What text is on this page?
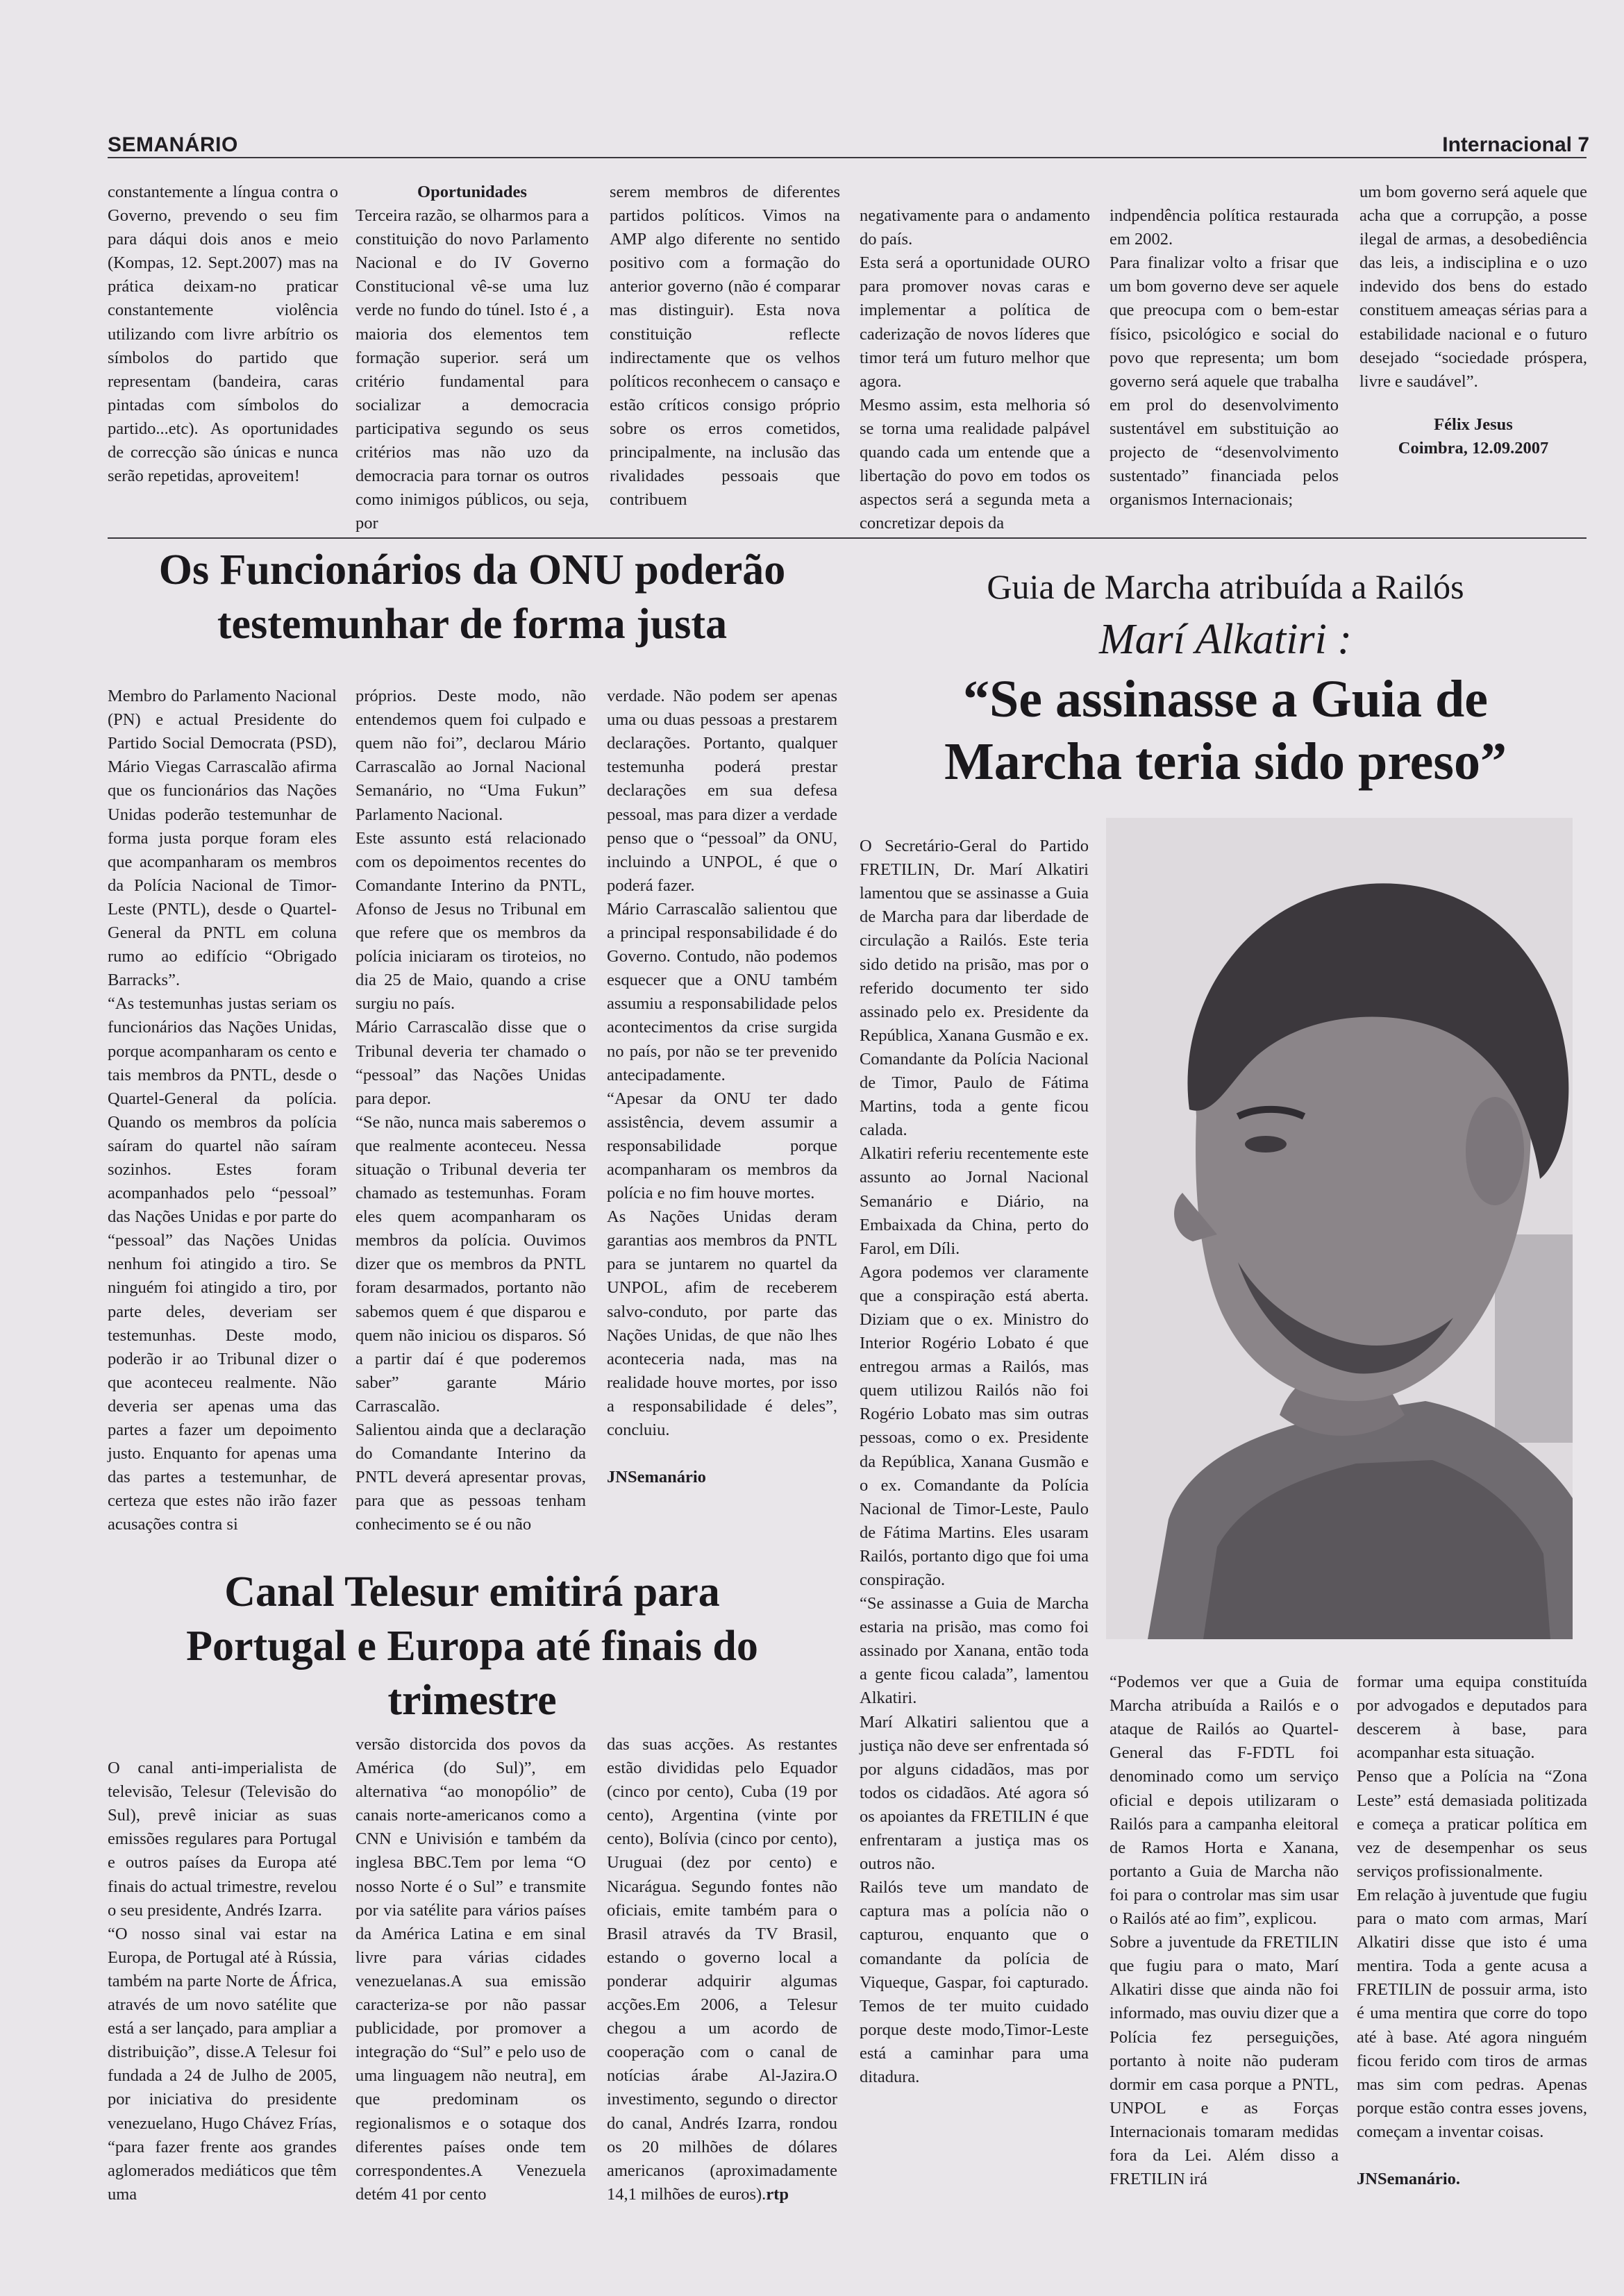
SEMANÁRIO	Internacional 7

constantemente a língua contra o Governo, prevendo o seu fim para dáqui dois anos e meio (Kompas, 12. Sept.2007) mas na prática deixam-no praticar constantemente violência utilizando com livre arbítrio os símbolos do partido que representam (bandeira, caras pintadas com símbolos do partido...etc). As oportunidades de correcção são únicas e nunca serão repetidas, aproveitem!

Oportunidades

Terceira razão, se olharmos para a constituição do novo Parlamento Nacional e do IV Governo Constitucional vê-se uma luz verde no fundo do túnel. Isto é , a maioria dos elementos tem formação superior. será um critério fundamental para socializar a democracia participativa segundo os seus critérios mas não uzo da democracia para tornar os outros como inimigos públicos, ou seja, por

serem membros de diferentes partidos políticos. Vimos na AMP algo diferente no sentido positivo com a formação do anterior governo (não é comparar mas distinguir). Esta nova constituição reflecte indirectamente que os velhos políticos reconhecem o cansaço e estão críticos consigo próprio sobre os erros cometidos, principalmente, na inclusão das rivalidades pessoais que contribuem

negativamente para o andamento do país.
Esta será a oportunidade OURO para promover novas caras e implementar a política de caderização de novos líderes que timor terá um futuro melhor que agora.
Mesmo assim, esta melhoria só se torna uma realidade palpável quando cada um entende que a libertação do povo em todos os aspectos será a segunda meta a concretizar depois da

indpendência política restaurada em 2002.
Para finalizar volto a frisar que um bom governo deve ser aquele que preocupa com o bem-estar físico, psicológico e social do povo que representa; um bom governo será aquele que trabalha em prol do desenvolvimento sustentável em substituição ao projecto de “desenvolvimento sustentado” financiada pelos organismos Internacionais;

um bom governo será aquele que acha que a corrupção, a posse ilegal de armas, a desobediência das leis, a indisciplina e o uzo indevido dos bens do estado constituem ameaças sérias para a estabilidade nacional e o futuro desejado “sociedade próspera, livre e saudável”.

Félix Jesus

Coimbra, 12.09.2007

Os Funcionários da ONU poderão
testemunhar de forma justa

Membro do Parlamento Nacional (PN) e actual Presidente do Partido Social Democrata (PSD), Mário Viegas Carrascalão afirma que os funcionários das Nações Unidas poderão testemunhar de forma justa porque foram eles que acompanharam os membros da Polícia Nacional de Timor-Leste (PNTL), desde o Quartel-General da PNTL em coluna rumo ao edifício “Obrigado Barracks”.
“As testemunhas justas seriam os funcionários das Nações Unidas, porque acompanharam os cento e tais membros da PNTL, desde o Quartel-General da polícia. Quando os membros da polícia saíram do quartel não saíram sozinhos. Estes foram acompanhados pelo “pessoal” das Nações Unidas e por parte do “pessoal” das Nações Unidas nenhum foi atingido a tiro. Se ninguém foi atingido a tiro, por parte deles, deveriam ser testemunhas. Deste modo, poderão ir ao Tribunal dizer o que aconteceu realmente. Não deveria ser apenas uma das partes a fazer um depoimento justo. Enquanto for apenas uma das partes a testemunhar, de certeza que estes não irão fazer acusações contra si

próprios. Deste modo, não entendemos quem foi culpado e quem não foi”, declarou Mário Carrascalão ao Jornal Nacional Semanário, no “Uma Fukun” Parlamento Nacional.
Este assunto está relacionado com os depoimentos recentes do Comandante Interino da PNTL, Afonso de Jesus no Tribunal em que refere que os membros da polícia iniciaram os tiroteios, no dia 25 de Maio, quando a crise surgiu no país.
Mário Carrascalão disse que o Tribunal deveria ter chamado o “pessoal” das Nações Unidas para depor.
“Se não, nunca mais saberemos o que realmente aconteceu. Nessa situação o Tribunal deveria ter chamado as testemunhas. Foram eles quem acompanharam os membros da polícia. Ouvimos dizer que os membros da PNTL foram desarmados, portanto não sabemos quem é que disparou e quem não iniciou os disparos. Só a partir daí é que poderemos saber” garante Mário Carrascalão.
Salientou ainda que a declaração do Comandante Interino da PNTL deverá apresentar provas, para que as pessoas tenham conhecimento se é ou não

verdade. Não podem ser apenas uma ou duas pessoas a prestarem declarações. Portanto, qualquer testemunha poderá prestar declarações em sua defesa pessoal, mas para dizer a verdade penso que o “pessoal” da ONU, incluindo a UNPOL, é que o poderá fazer.
Mário Carrascalão salientou que a principal responsabilidade é do Governo. Contudo, não podemos esquecer que a ONU também assumiu a responsabilidade pelos acontecimentos da crise surgida no país, por não se ter prevenido antecipadamente.
“Apesar da ONU ter dado assistência, devem assumir a responsabilidade porque acompanharam os membros da polícia e no fim houve mortes.
As Nações Unidas deram garantias aos membros da PNTL para se juntarem no quartel da UNPOL, afim de receberem salvo-conduto, por parte das Nações Unidas, de que não lhes aconteceria nada, mas na realidade houve mortes, por isso a responsabilidade é deles”, concluiu.

JNSemanário

Canal Telesur emitirá para
Portugal e Europa até finais do
trimestre

O canal anti-imperialista de televisão, Telesur (Televisão do Sul), prevê iniciar as suas emissões regulares para Portugal e outros países da Europa até finais do actual trimestre, revelou o seu presidente, Andrés Izarra.
“O nosso sinal vai estar na Europa, de Portugal até à Rússia, também na parte Norte de África, através de um novo satélite que está a ser lançado, para ampliar a distribuição”, disse.A Telesur foi fundada a 24 de Julho de 2005, por iniciativa do presidente venezuelano, Hugo Chávez Frías, “para fazer frente aos grandes aglomerados mediáticos que têm uma

versão distorcida dos povos da América (do Sul)”, em alternativa “ao monopólio” de canais norte-americanos como a CNN e Univisión e também da inglesa BBC.Tem por lema “O nosso Norte é o Sul” e transmite por via satélite para vários países da América Latina e em sinal livre para várias cidades venezuelanas.A sua emissão caracteriza-se por não passar publicidade, por promover a integração do “Sul” e pelo uso de uma linguagem não neutra], em que predominam os regionalismos e o sotaque dos diferentes países onde tem correspondentes.A Venezuela detém 41 por cento

das suas acções. As restantes estão divididas pelo Equador (cinco por cento), Cuba (19 por cento), Argentina (vinte por cento), Bolívia (cinco por cento), Uruguai (dez por cento) e Nicarágua. Segundo fontes não oficiais, emite também para o Brasil através da TV Brasil, estando o governo local a ponderar adquirir algumas acções.Em 2006, a Telesur chegou a um acordo de cooperação com o canal de notícias árabe Al-Jazira.O investimento, segundo o director do canal, Andrés Izarra, rondou os 20 milhões de dólares americanos (aproximadamente 14,1 milhões de euros).rtp

Guia de Marcha atribuída a Railós
Marí Alkatiri :
“Se assinasse a Guia de
Marcha teria sido preso”

O Secretário-Geral do Partido FRETILIN, Dr. Marí Alkatiri lamentou que se assinasse a Guia de Marcha para dar liberdade de circulação a Railós. Este teria sido detido na prisão, mas por o referido documento ter sido assinado pelo ex. Presidente da República, Xanana Gusmão e ex. Comandante da Polícia Nacional de Timor, Paulo de Fátima Martins, toda a gente ficou calada.
Alkatiri referiu recentemente este assunto ao Jornal Nacional Semanário e Diário, na Embaixada da China, perto do Farol, em Díli.
Agora podemos ver claramente que a conspiração está aberta. Diziam que o ex. Ministro do Interior Rogério Lobato é que entregou armas a Railós, mas quem utilizou Railós não foi Rogério Lobato mas sim outras pessoas, como o ex. Presidente da República, Xanana Gusmão e o ex. Comandante da Polícia Nacional de Timor-Leste, Paulo de Fátima Martins. Eles usaram Railós, portanto digo que foi uma conspiração.
“Se assinasse a Guia de Marcha estaria na prisão, mas como foi assinado por Xanana, então toda a gente ficou calada”, lamentou Alkatiri.
Marí Alkatiri salientou que a justiça não deve ser enfrentada só por alguns cidadãos, mas por todos os cidadãos. Até agora só os apoiantes da FRETILIN é que enfrentaram a justiça mas os outros não.
Railós teve um mandato de captura mas a polícia não o capturou, enquanto que o comandante da polícia de Viqueque, Gaspar, foi capturado. Temos de ter muito cuidado porque deste modo,Timor-Leste está a caminhar para uma ditadura.

“Podemos ver que a Guia de Marcha atribuída a Railós e o ataque de Railós ao Quartel-General das F-FDTL foi denominado como um serviço oficial e depois utilizaram o Railós para a campanha eleitoral de Ramos Horta e Xanana, portanto a Guia de Marcha não foi para o controlar mas sim usar o Railós até ao fim”, explicou.
Sobre a juventude da FRETILIN que fugiu para o mato, Marí Alkatiri disse que ainda não foi informado, mas ouviu dizer que a Polícia fez perseguições, portanto à noite não puderam dormir em casa porque a PNTL, UNPOL e as Forças Internacionais tomaram medidas fora da Lei. Além disso a FRETILIN irá

formar uma equipa constituída por advogados e deputados para descerem à base, para acompanhar esta situação.
Penso que a Polícia na “Zona Leste” está demasiada politizada e começa a praticar política em vez de desempenhar os seus serviços profissionalmente.
Em relação à juventude que fugiu para o mato com armas, Marí Alkatiri disse que isto é uma mentira. Toda a gente acusa a FRETILIN de possuir arma, isto é uma mentira que corre do topo até à base. Até agora ninguém ficou ferido com tiros de armas mas sim com pedras. Apenas porque estão contra esses jovens, começam a inventar coisas.

JNSemanário.
